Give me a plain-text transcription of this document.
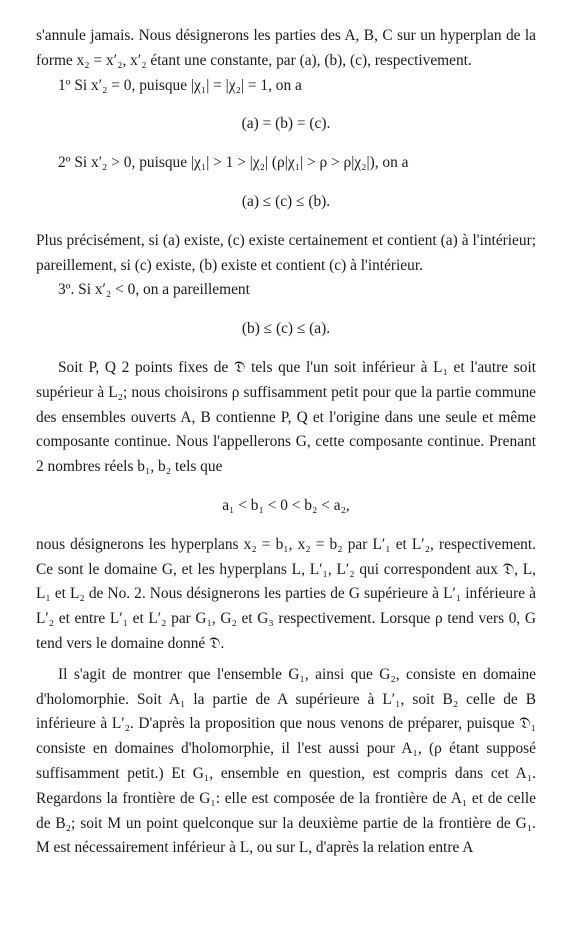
s'annule jamais. Nous désignerons les parties des A, B, C sur un hyperplan de la forme x₂ = x′₂, x′₂ étant une constante, par (a), (b), (c), respectivement.

1º Si x′₂ = 0, puisque |χ₁| = |χ₂| = 1, on a

(a) = (b) = (c).

2º Si x′₂ > 0, puisque |χ₁| > 1 > |χ₂| (ρ|χ₁| > ρ > ρ|χ₂|), on a

(a) ≤ (c) ≤ (b).

Plus précisément, si (a) existe, (c) existe certainement et contient (a) à l'intérieur; pareillement, si (c) existe, (b) existe et contient (c) à l'intérieur.

3º. Si x′₂ < 0, on a pareillement

(b) ≤ (c) ≤ (a).

Soit P, Q 2 points fixes de 𝔇 tels que l'un soit inférieur à L₁ et l'autre soit supérieur à L₂; nous choisirons ρ suffisamment petit pour que la partie commune des ensembles ouverts A, B contienne P, Q et l'origine dans une seule et même composante continue. Nous l'appellerons G, cette composante continue. Prenant 2 nombres réels b₁, b₂ tels que

a₁ < b₁ < 0 < b₂ < a₂,

nous désignerons les hyperplans x₂ = b₁, x₂ = b₂ par L′₁ et L′₂, respectivement. Ce sont le domaine G, et les hyperplans L, L′₁, L′₂ qui correspondent aux 𝔇, L, L₁ et L₂ de No. 2. Nous désignerons les parties de G supérieure à L′₁ inférieure à L′₂ et entre L′₁ et L′₂ par G₁, G₂ et G₃ respectivement. Lorsque ρ tend vers 0, G tend vers le domaine donné 𝔇.

Il s'agit de montrer que l'ensemble G₁, ainsi que G₂, consiste en domaine d'holomorphie. Soit A₁ la partie de A supérieure à L′₁, soit B₂ celle de B inférieure à L′₂. D'après la proposition que nous venons de préparer, puisque 𝔇₁ consiste en domaines d'holomorphie, il l'est aussi pour A₁, (ρ étant supposé suffisamment petit.) Et G₁, ensemble en question, est compris dans cet A₁. Regardons la frontière de G₁: elle est composée de la frontière de A₁ et de celle de B₂; soit M un point quelconque sur la deuxième partie de la frontière de G₁. M est nécessairement inférieur à L, ou sur L, d'après la relation entre A
